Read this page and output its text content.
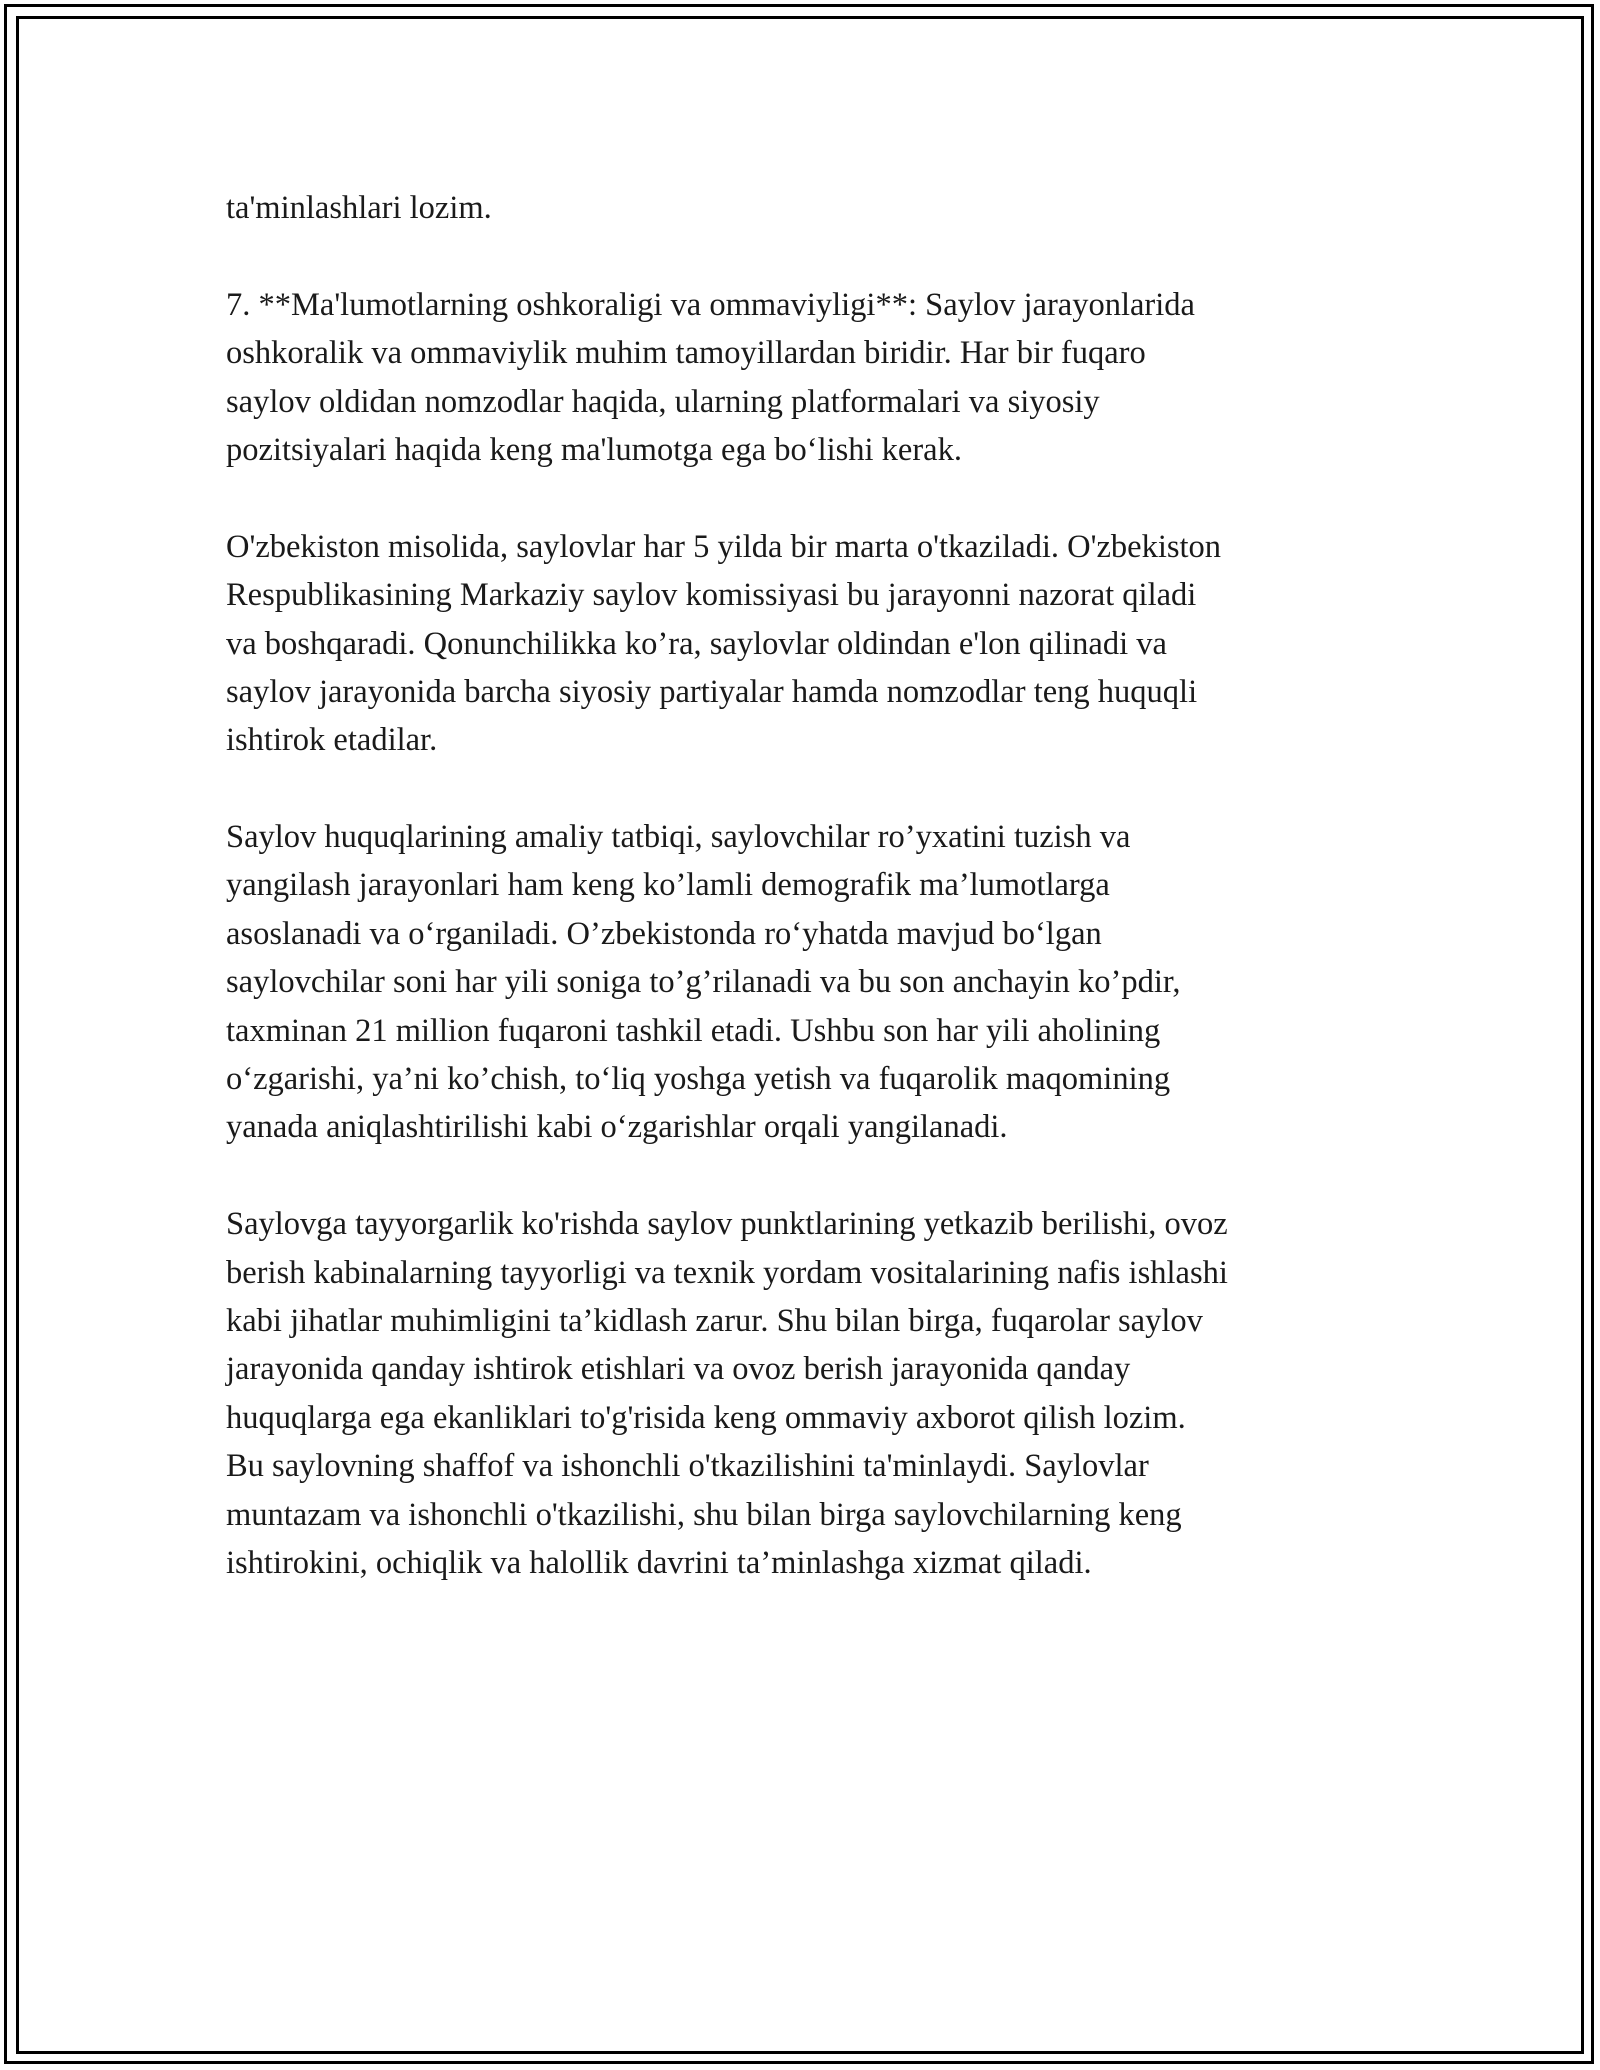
ta'minlashlari lozim.
7. **Ma'lumotlarning oshkoraligi va ommaviyligi**: Saylov jarayonlarida
oshkoralik va ommaviylik muhim tamoyillardan biridir. Har bir fuqaro
saylov oldidan nomzodlar haqida, ularning platformalari va siyosiy
pozitsiyalari haqida keng ma'lumotga ega bo‘lishi kerak.
O'zbekiston misolida, saylovlar har 5 yilda bir marta o'tkaziladi. O'zbekiston
Respublikasining Markaziy saylov komissiyasi bu jarayonni nazorat qiladi
va boshqaradi. Qonunchilikka ko’ra, saylovlar oldindan e'lon qilinadi va
saylov jarayonida barcha siyosiy partiyalar hamda nomzodlar teng huquqli
ishtirok etadilar.
Saylov huquqlarining amaliy tatbiqi, saylovchilar ro’yxatini tuzish va
yangilash jarayonlari ham keng ko’lamli demografik ma’lumotlarga
asoslanadi va o‘rganiladi. O’zbekistonda ro‘yhatda mavjud bo‘lgan
saylovchilar soni har yili soniga to’g’rilanadi va bu son anchayin ko’pdir,
taxminan 21 million fuqaroni tashkil etadi. Ushbu son har yili aholining
o‘zgarishi, ya’ni ko’chish, to‘liq yoshga yetish va fuqarolik maqomining
yanada aniqlashtirilishi kabi o‘zgarishlar orqali yangilanadi.
Saylovga tayyorgarlik ko'rishda saylov punktlarining yetkazib berilishi, ovoz
berish kabinalarning tayyorligi va texnik yordam vositalarining nafis ishlashi
kabi jihatlar muhimligini ta’kidlash zarur. Shu bilan birga, fuqarolar saylov
jarayonida qanday ishtirok etishlari va ovoz berish jarayonida qanday
huquqlarga ega ekanliklari to'g'risida keng ommaviy axborot qilish lozim.
Bu saylovning shaffof va ishonchli o'tkazilishini ta'minlaydi. Saylovlar
muntazam va ishonchli o'tkazilishi, shu bilan birga saylovchilarning keng
ishtirokini, ochiqlik va halollik davrini ta’minlashga xizmat qiladi.
